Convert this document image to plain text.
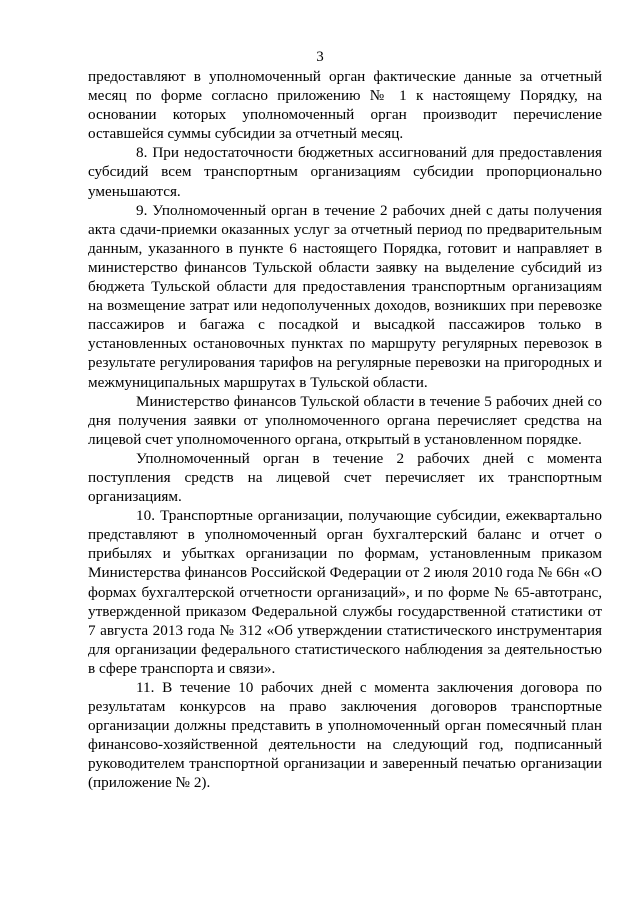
3

предоставляют в уполномоченный орган фактические данные за отчетный месяц по форме согласно приложению № 1 к настоящему Порядку, на основании которых уполномоченный орган производит перечисление оставшейся суммы субсидии за отчетный месяц.

8. При недостаточности бюджетных ассигнований для предоставления субсидий всем транспортным организациям субсидии пропорционально уменьшаются.

9. Уполномоченный орган в течение 2 рабочих дней с даты получения акта сдачи-приемки оказанных услуг за отчетный период по предварительным данным, указанного в пункте 6 настоящего Порядка, готовит и направляет в министерство финансов Тульской области заявку на выделение субсидий из бюджета Тульской области для предоставления транспортным организациям на возмещение затрат или недополученных доходов, возникших при перевозке пассажиров и багажа с посадкой и высадкой пассажиров только в установленных остановочных пунктах по маршруту регулярных перевозок в результате регулирования тарифов на регулярные перевозки на пригородных и межмуниципальных маршрутах в Тульской области.

Министерство финансов Тульской области в течение 5 рабочих дней со дня получения заявки от уполномоченного органа перечисляет средства на лицевой счет уполномоченного органа, открытый в установленном порядке.

Уполномоченный орган в течение 2 рабочих дней с момента поступления средств на лицевой счет перечисляет их транспортным организациям.

10. Транспортные организации, получающие субсидии, ежеквартально представляют в уполномоченный орган бухгалтерский баланс и отчет о прибылях и убытках организации по формам, установленным приказом Министерства финансов Российской Федерации от 2 июля 2010 года № 66н «О формах бухгалтерской отчетности организаций», и по форме № 65-автотранс, утвержденной приказом Федеральной службы государственной статистики от 7 августа 2013 года № 312 «Об утверждении статистического инструментария для организации федерального статистического наблюдения за деятельностью в сфере транспорта и связи».

11. В течение 10 рабочих дней с момента заключения договора по результатам конкурсов на право заключения договоров транспортные организации должны представить в уполномоченный орган помесячный план финансово-хозяйственной деятельности на следующий год, подписанный руководителем транспортной организации и заверенный печатью организации (приложение № 2).
